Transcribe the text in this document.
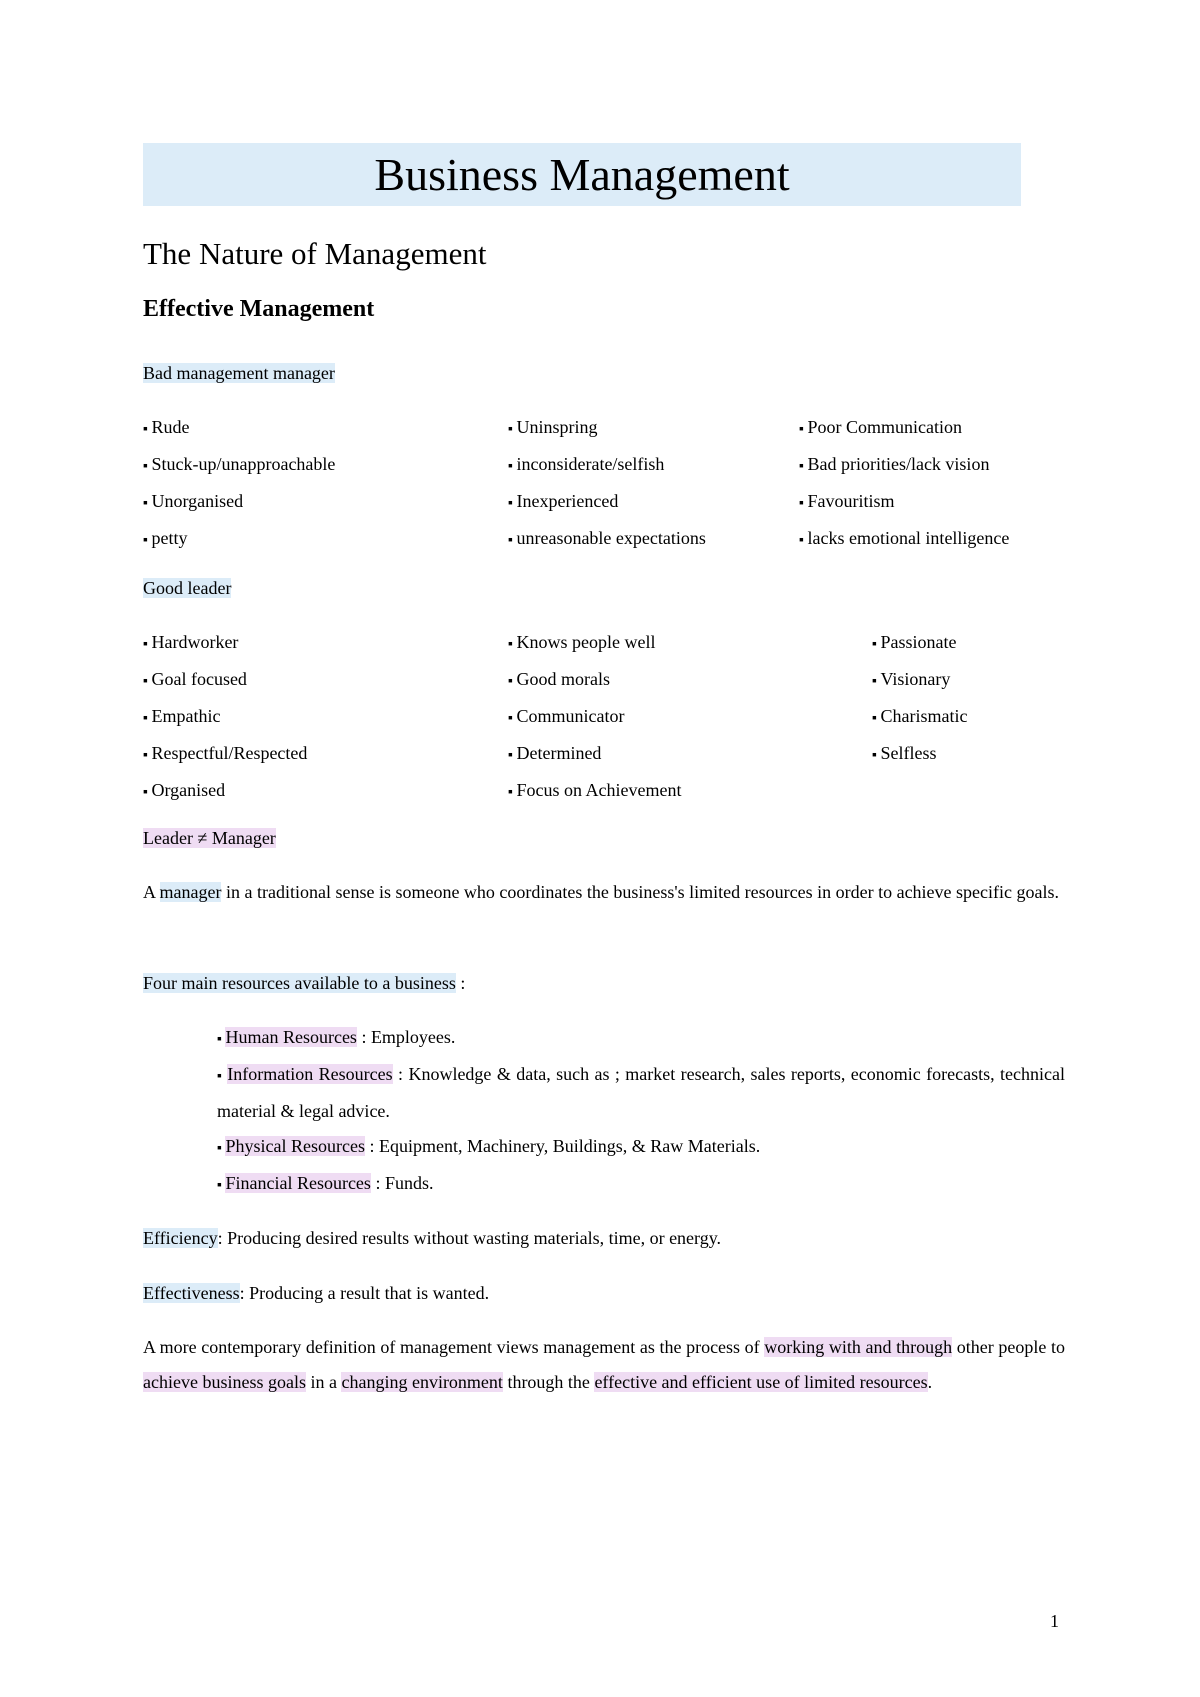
Business Management
The Nature of Management
Effective Management
Bad management manager
▪ Rude
▪ Stuck-up/unapproachable
▪ Unorganised
▪ petty
▪ Uninspring
▪ inconsiderate/selfish
▪ Inexperienced
▪ unreasonable expectations
▪ Poor Communication
▪ Bad priorities/lack vision
▪ Favouritism
▪ lacks emotional intelligence
Good leader
▪ Hardworker
▪ Goal focused
▪ Empathic
▪ Respectful/Respected
▪ Organised
▪ Knows people well
▪ Good morals
▪ Communicator
▪ Determined
▪ Focus on Achievement
▪ Passionate
▪ Visionary
▪ Charismatic
▪ Selfless
Leader ≠ Manager
A manager in a traditional sense is someone who coordinates the business's limited resources in order to achieve specific goals.
Four main resources available to a business :
▪ Human Resources : Employees.
▪ Information Resources : Knowledge & data, such as ; market research, sales reports, economic forecasts, technical material & legal advice.
▪ Physical Resources : Equipment, Machinery, Buildings, & Raw Materials.
▪ Financial Resources : Funds.
Efficiency: Producing desired results without wasting materials, time, or energy.
Effectiveness: Producing a result that is wanted.
A more contemporary definition of management views management as the process of working with and through other people to achieve business goals in a changing environment through the effective and efficient use of limited resources.
1
